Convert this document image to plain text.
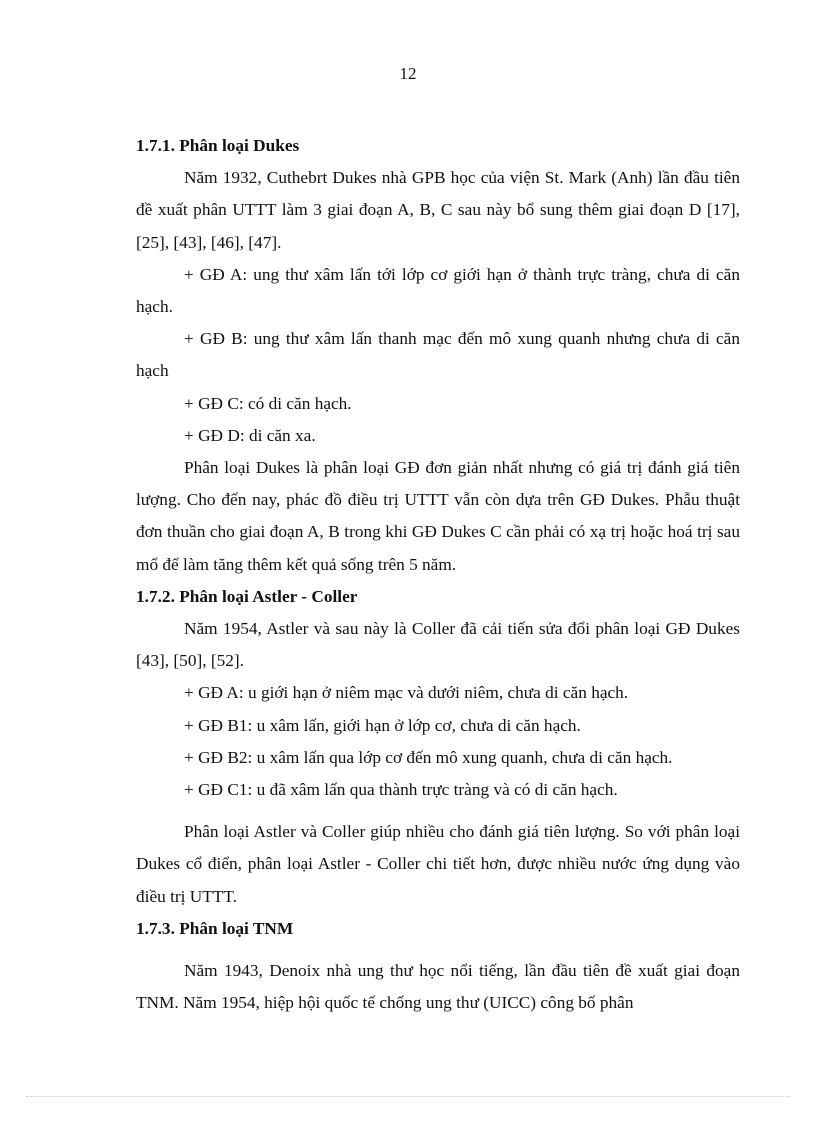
12

1.7.1. Phân loại Dukes

Năm 1932, Cuthebrt Dukes nhà GPB học của viện St. Mark (Anh) lần đầu tiên đề xuất phân UTTT làm 3 giai đoạn A, B, C sau này bổ sung thêm giai đoạn D [17], [25], [43], [46], [47].

+ GĐ A: ung thư xâm lấn tới lớp cơ giới hạn ở thành trực tràng, chưa di căn hạch.

+ GĐ B: ung thư xâm lấn thanh mạc đến mô xung quanh nhưng chưa di căn hạch

+ GĐ C: có di căn hạch.

+ GĐ D: di căn xa.

Phân loại Dukes là phân loại GĐ đơn giản nhất nhưng có giá trị đánh giá tiên lượng. Cho đến nay, phác đồ điều trị UTTT vẫn còn dựa trên GĐ Dukes. Phẫu thuật đơn thuần cho giai đoạn A, B trong khi GĐ Dukes C cần phải có xạ trị hoặc hoá trị sau mổ để làm tăng thêm kết quả sống trên 5 năm.

1.7.2. Phân loại Astler - Coller

Năm 1954, Astler và sau này là Coller đã cải tiến sửa đổi phân loại GĐ Dukes [43], [50], [52].

+ GĐ A: u giới hạn ở niêm mạc và dưới niêm, chưa di căn hạch.

+ GĐ B1: u xâm lấn, giới hạn ở lớp cơ, chưa di căn hạch.

+ GĐ B2: u xâm lấn qua lớp cơ đến mô xung quanh, chưa di căn hạch.

+ GĐ C1: u đã xâm lấn qua thành trực tràng và có di căn hạch.

Phân loại Astler và Coller giúp nhiều cho đánh giá tiên lượng. So với phân loại Dukes cổ điển, phân loại Astler - Coller chi tiết hơn, được nhiều nước ứng dụng vào điều trị UTTT.

1.7.3. Phân loại TNM

Năm 1943, Denoix nhà ung thư học nổi tiếng, lần đầu tiên đề xuất giai đoạn TNM. Năm 1954, hiệp hội quốc tế chống ung thư (UICC) công bố phân
